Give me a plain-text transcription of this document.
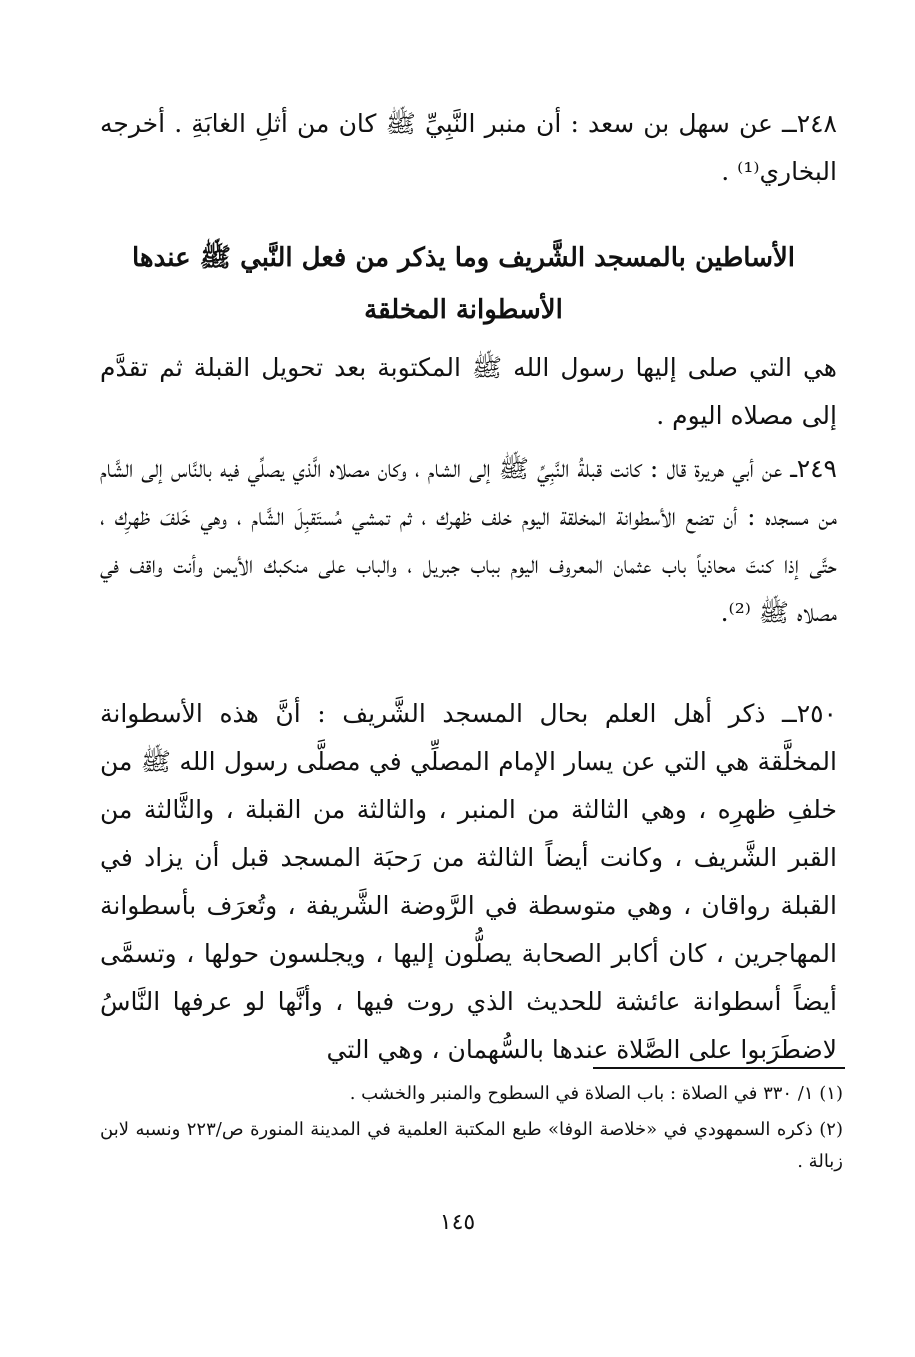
٢٤٨ــ عن سهل بن سعد : أن منبر النَّبِيِّ ﷺ كان من أثلِ الغابَةِ . أخرجه البخاري⁽¹⁾ .

الأساطين بالمسجد الشَّريف وما يذكر من فعل النَّبي ﷺ عندها
الأسطوانة المخلقة

هي التي صلى إليها رسول الله ﷺ المكتوبة بعد تحويل القبلة ثم تقدَّم إلى مصلاه اليوم .

٢٤٩ــ عن أبي هريرة قال : كانت قبلةُ النَّبِيِّ ﷺ إلى الشام ، وكان مصلاه الَّذي يصلِّي فيه بالنَّاس إلى الشَّام من مسجده : أن تضع الأسطوانة المخلقة اليوم خلف ظهرك ، ثم تمشي مُستَقبِلَ الشَّام ، وهي خَلفَ ظهرِك ، حتَّى إذا كنتَ محاذياً باب عثمان المعروف اليوم بباب جبريل ، والباب على منكبك الأيمن وأنت واقف في مصلاه ﷺ ⁽²⁾.

٢٥٠ــ ذكر أهل العلم بحال المسجد الشَّريف : أنَّ هذه الأسطوانة المخلَّقة هي التي عن يسار الإمام المصلِّي في مصلَّى رسول الله ﷺ من خلفِ ظهرِه ، وهي الثالثة من المنبر ، والثالثة من القبلة ، والثَّالثة من القبر الشَّريف ، وكانت أيضاً الثالثة من رَحبَة المسجد قبل أن يزاد في القبلة رواقان ، وهي متوسطة في الرَّوضة الشَّريفة ، وتُعرَف بأسطوانة المهاجرين ، كان أكابر الصحابة يصلُّون إليها ، ويجلسون حولها ، وتسمَّى أيضاً أسطوانة عائشة للحديث الذي روت فيها ، وأنَّها لو عرفها النَّاسُ لاضطَرَبوا على الصَّلاة عندها بالسُّهمان ، وهي التي

(١) ١/ ٣٣٠ في الصلاة : باب الصلاة في السطوح والمنبر والخشب .

(٢) ذكره السمهودي في «خلاصة الوفا» طبع المكتبة العلمية في المدينة المنورة ص/٢٢٣ ونسبه لابن زبالة .

١٤٥
